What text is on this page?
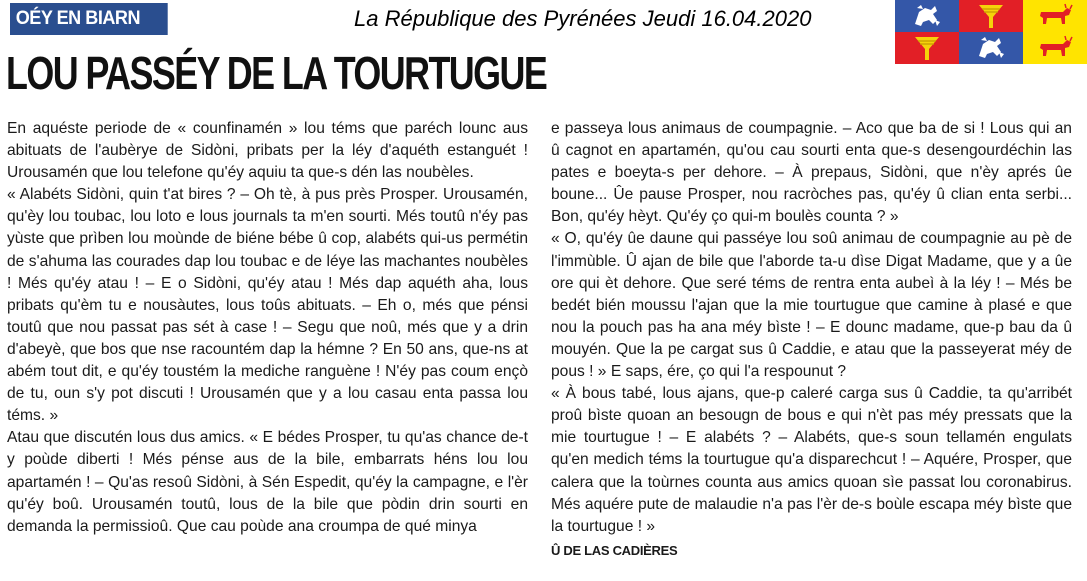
OÉY EN BIARN	La République des Pyrénées Jeudi 16.04.2020
LOU PASSÉY DE LA TOURTUGUE

En aquéste periode de « counfinamén » lou téms que paréch lounc aus abituats de l'aubèrye de Sidòni, pribats per la léy d'aquéth estanguét ! Urousamén que lou telefone qu'éy aquiu ta que-s dén las noubèles.

« Alabéts Sidòni, quin t'at bires ? – Oh tè, à pus près Prosper. Urousamén, qu'èy lou toubac, lou loto e lous journals ta m'en sourti. Més toutû n'éy pas yùste que prìben lou moùnde de biéne bébe û cop, alabéts qui-us permétin de s'ahuma las courades dap lou toubac e de léye las machantes noubèles ! Més qu'éy atau ! – E o Sidòni, qu'éy atau ! Més dap aquéth aha, lous pribats qu'èm tu e nousàutes, lous toûs abituats. – Eh o, més que pénsi toutû que nou passat pas sét à case ! – Segu que noû, més que y a drin d'abeyè, que bos que nse racountém dap la hémne ? En 50 ans, que-ns at abém tout dit, e qu'éy toustém la mediche ranguène ! N'éy pas coum ençò de tu, oun s'y pot discuti ! Urousamén que y a lou casau enta passa lou téms. »

Atau que discutén lous dus amics. « E bédes Prosper, tu qu'as chance de-t y poùde diberti ! Més pénse aus de la bile, embarrats héns lou lou apartamén ! – Qu'as resoû Sidòni, à Sén Espedit, qu'éy la campagne, e l'èr qu'éy boû. Urousamén toutû, lous de la bile que pòdin drin sourti en demanda la permissioû. Que cau poùde ana croumpa de qué minya

e passeya lous animaus de coumpagnie. – Aco que ba de si ! Lous qui an û cagnot en apartamén, qu'ou cau sourti enta que-s desengourdéchin las pates e boeyta-s per dehore. – À prepaus, Sidòni, que n'èy aprés ûe boune... Ûe pause Prosper, nou racròches pas, qu'éy û clian enta serbi... Bon, qu'éy hèyt. Qu'éy ço qui-m boulès counta ? »

« O, qu'éy ûe daune qui passéye lou soû animau de coumpagnie au pè de l'immùble. Û ajan de bile que l'aborde ta-u dìse Digat Madame, que y a ûe ore qui èt dehore. Que seré téms de rentra enta aubeì à la léy ! – Més be bedét bién moussu l'ajan que la mie tourtugue que camine à plasé e que nou la pouch pas ha ana méy bìste ! – E dounc madame, que-p bau da û mouyén. Que la pe cargat sus û Caddie, e atau que la passeyerat méy de pous ! » E saps, ére, ço qui l'a respounut ?

« À bous tabé, lous ajans, que-p caleré carga sus û Caddie, ta qu'arribét proû bìste quoan an besougn de bous e qui n'èt pas méy pressats que la mie tourtugue ! – E alabéts ? – Alabéts, que-s soun tellamén engulats qu'en medich téms la tourtugue qu'a disparechcut ! – Aquére, Prosper, que calera que la toùrnes counta aus amics quoan sìe passat lou coronabirus. Més aquére pute de malaudie n'a pas l'èr de-s boùle escapa méy bìste que la tourtugue ! »

Û DE LAS CADIÈRES
